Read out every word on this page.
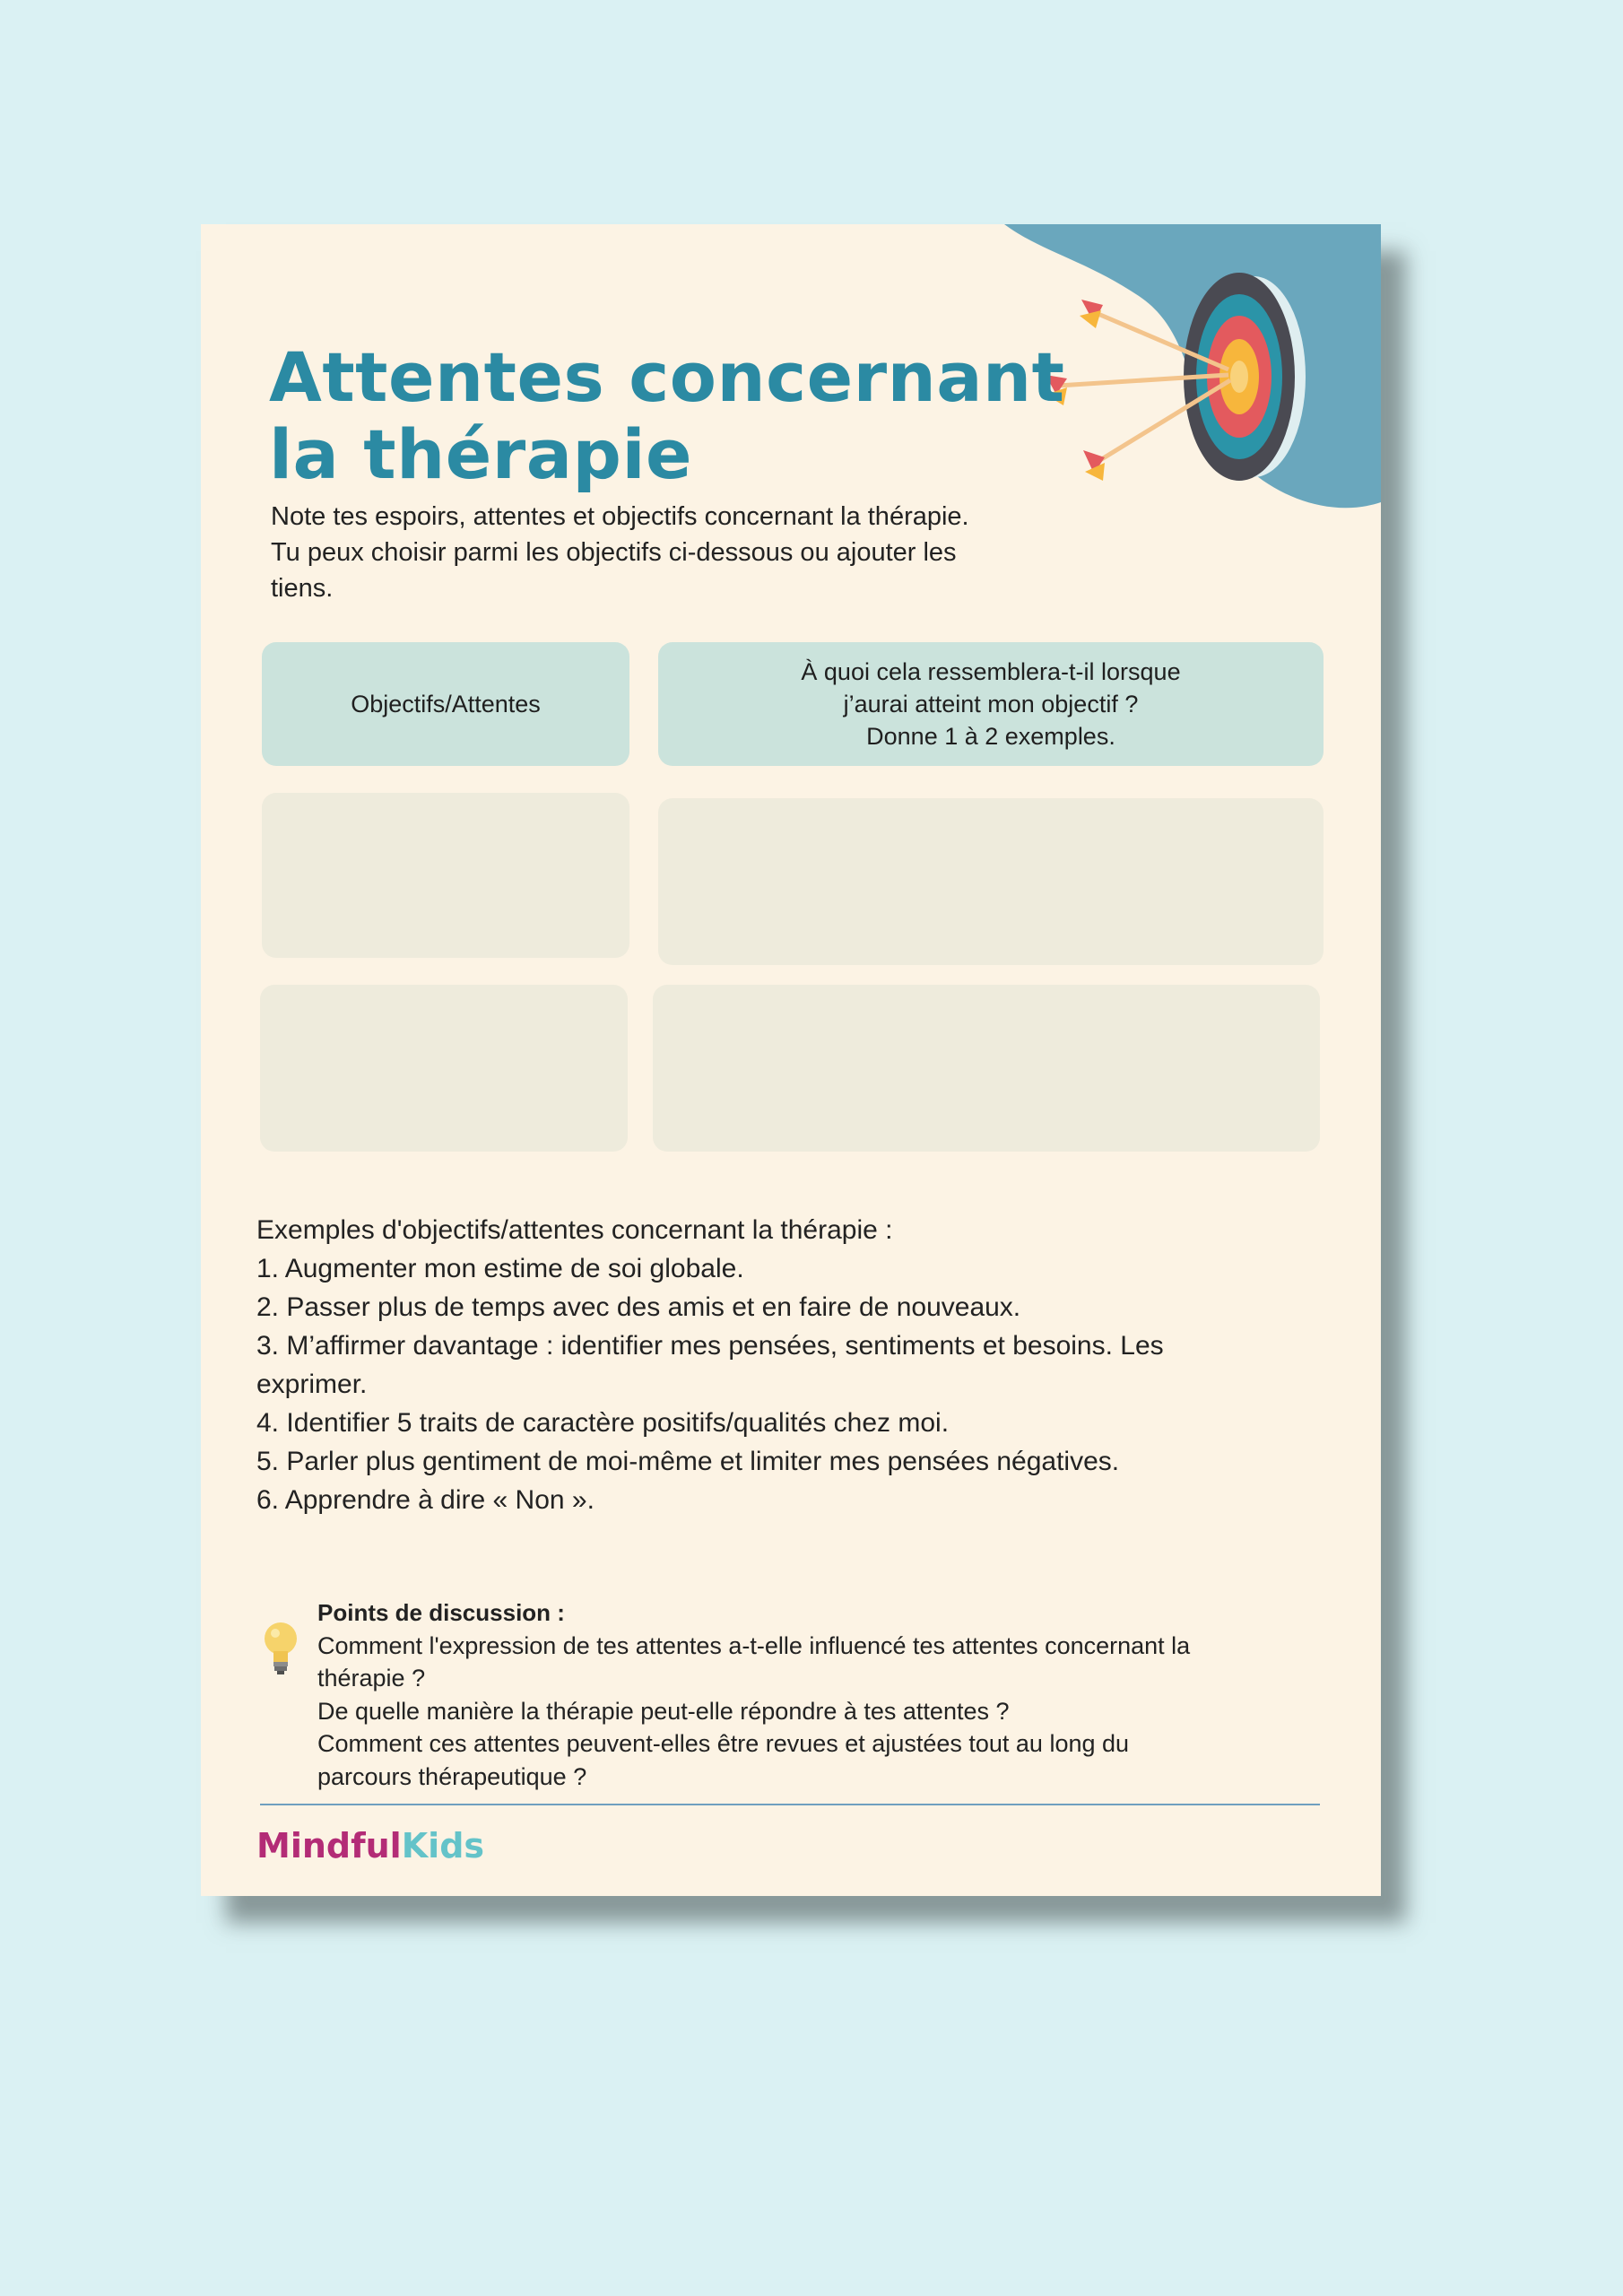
Attentes concernant
la thérapie

Note tes espoirs, attentes et objectifs concernant la thérapie.
Tu peux choisir parmi les objectifs ci-dessous ou ajouter les
tiens.

Objectifs/Attentes
À quoi cela ressemblera-t-il lorsque
j’aurai atteint mon objectif ?
Donne 1 à 2 exemples.

Exemples d'objectifs/attentes concernant la thérapie :

1. Augmenter mon estime de soi globale.

2. Passer plus de temps avec des amis et en faire de nouveaux.

3. M’affirmer davantage : identifier mes pensées, sentiments et besoins. Les

exprimer.

4. Identifier 5 traits de caractère positifs/qualités chez moi.

5. Parler plus gentiment de moi-même et limiter mes pensées négatives.

6. Apprendre à dire « Non ».

Points de discussion :

Comment l'expression de tes attentes a-t-elle influencé tes attentes concernant la

thérapie ?

De quelle manière la thérapie peut-elle répondre à tes attentes ?

Comment ces attentes peuvent-elles être revues et ajustées tout au long du

parcours thérapeutique ?

MindfulKids
